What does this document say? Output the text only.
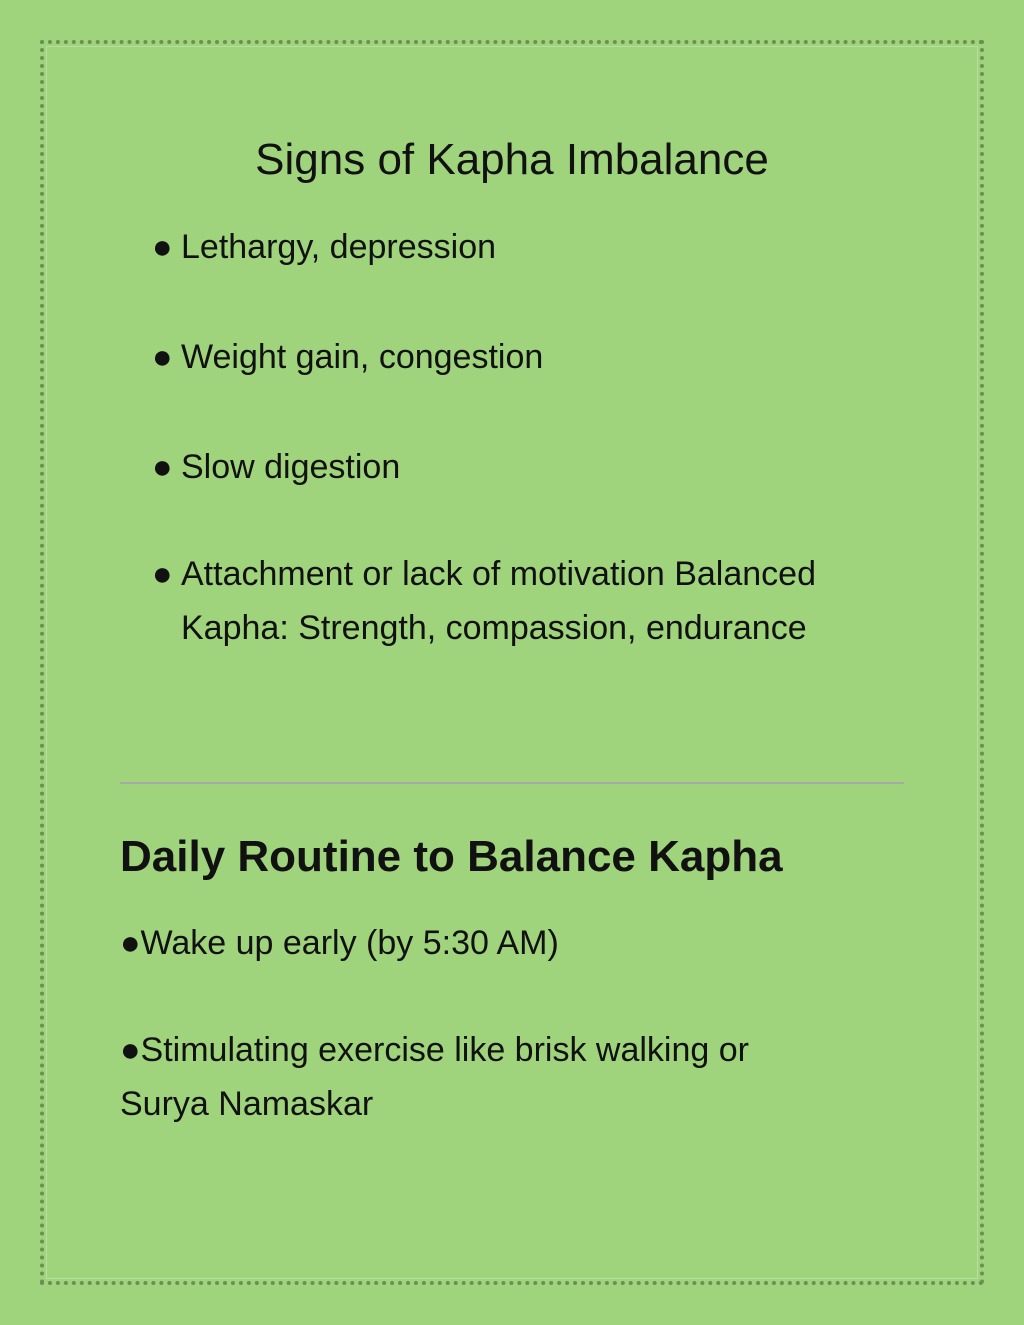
Signs of Kapha Imbalance
● Lethargy, depression
● Weight gain, congestion
● Slow digestion
● Attachment or lack of motivation Balanced Kapha: Strength, compassion, endurance
Daily Routine to Balance Kapha
●Wake up early (by 5:30 AM)
●Stimulating exercise like brisk walking or Surya Namaskar
